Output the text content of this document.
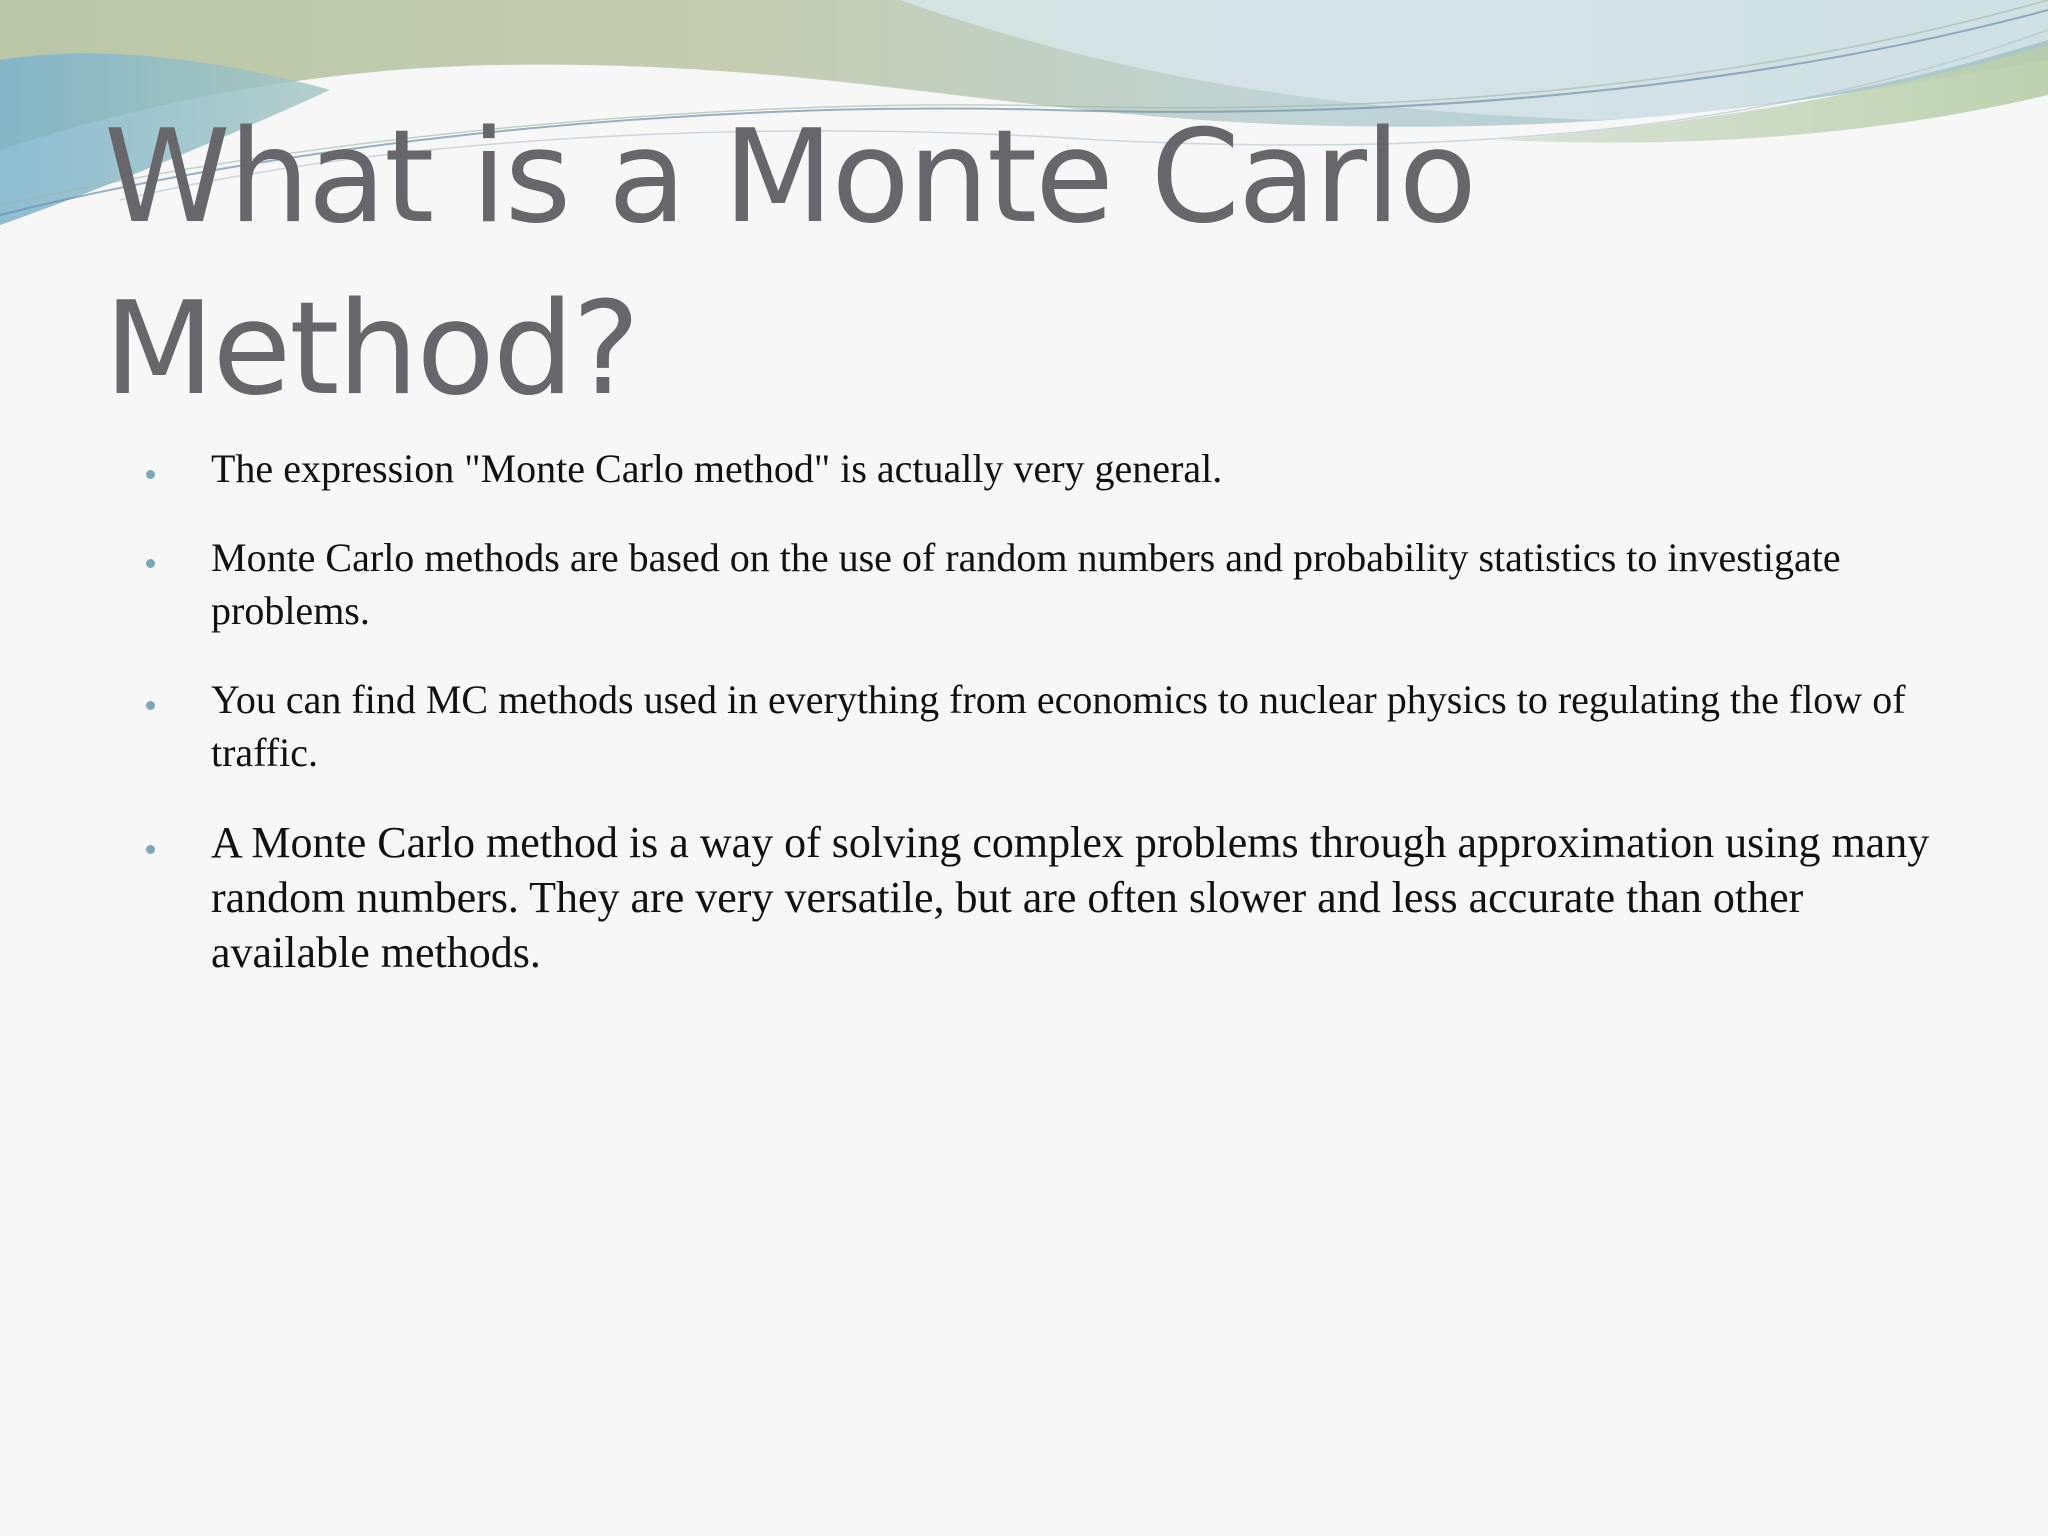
What is a Monte Carlo Method?
The expression "Monte Carlo method" is actually very general.
Monte Carlo methods are based on the use of random numbers and probability statistics to investigate problems.
You can find MC methods used in everything from economics to nuclear physics to regulating the flow of traffic.
A Monte Carlo method is a way of solving complex problems through approximation using many random numbers. They are very versatile, but are often slower and less accurate than other available methods.
